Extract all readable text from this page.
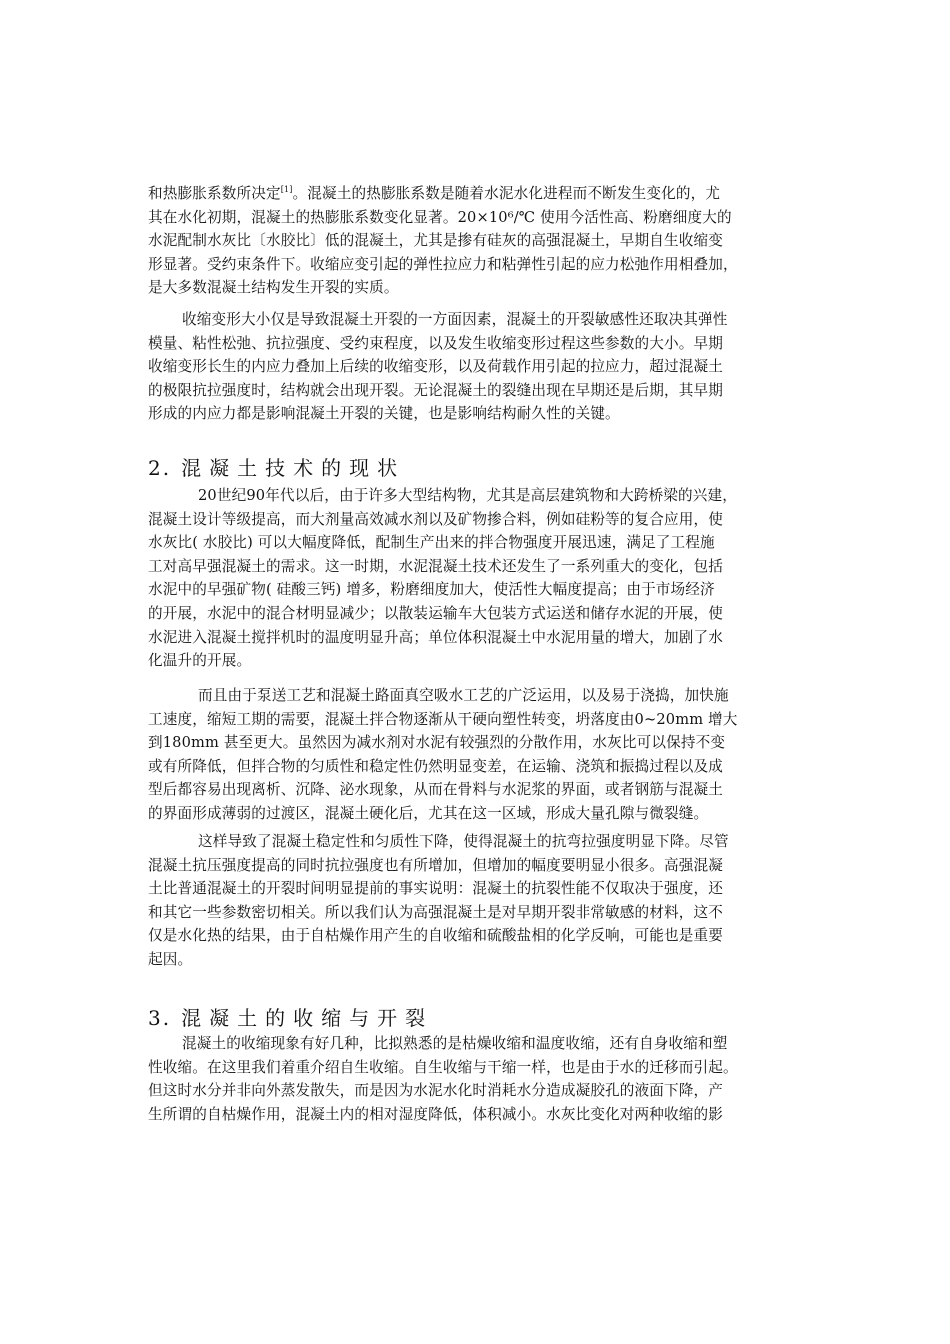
和热膨胀系数所决定[1]。混凝土的热膨胀系数是随着水泥水化进程而不断发生变化的，尤
其在水化初期，混凝土的热膨胀系数变化显著。20×10⁶/℃ 使用今活性高、粉磨细度大的
水泥配制水灰比〔水胶比〕低的混凝土，尤其是掺有硅灰的高强混凝土，早期自生收缩变
形显著。受约束条件下。收缩应变引起的弹性拉应力和粘弹性引起的应力松弛作用相叠加，
是大多数混凝土结构发生开裂的实质。
收缩变形大小仅是导致混凝土开裂的一方面因素，混凝土的开裂敏感性还取决其弹性
模量、粘性松弛、抗拉强度、受约束程度，以及发生收缩变形过程这些参数的大小。早期
收缩变形长生的内应力叠加上后续的收缩变形，以及荷载作用引起的拉应力，超过混凝土
的极限抗拉强度时，结构就会出现开裂。无论混凝土的裂缝出现在早期还是后期，其早期
形成的内应力都是影响混凝土开裂的关键，也是影响结构耐久性的关键。
2. 混凝土技术的现状
20世纪90年代以后，由于许多大型结构物，尤其是高层建筑物和大跨桥梁的兴建，
混凝土设计等级提高，而大剂量高效减水剂以及矿物掺合料，例如硅粉等的复合应用，使
水灰比( 水胶比) 可以大幅度降低，配制生产出来的拌合物强度开展迅速，满足了工程施
工对高早强混凝土的需求。这一时期，水泥混凝土技术还发生了一系列重大的变化，包括
水泥中的早强矿物( 硅酸三钙) 增多，粉磨细度加大，使活性大幅度提高；由于市场经济
的开展，水泥中的混合材明显减少；以散装运输车大包装方式运送和储存水泥的开展，使
水泥进入混凝土搅拌机时的温度明显升高；单位体积混凝土中水泥用量的增大，加剧了水
化温升的开展。
而且由于泵送工艺和混凝土路面真空吸水工艺的广泛运用，以及易于浇捣，加快施
工速度，缩短工期的需要，混凝土拌合物逐渐从干硬向塑性转变，坍落度由0~20mm 增大
到180mm 甚至更大。虽然因为减水剂对水泥有较强烈的分散作用，水灰比可以保持不变
或有所降低，但拌合物的匀质性和稳定性仍然明显变差，在运输、浇筑和振捣过程以及成
型后都容易出现离析、沉降、泌水现象，从而在骨料与水泥浆的界面，或者钢筋与混凝土
的界面形成薄弱的过渡区，混凝土硬化后，尤其在这一区域，形成大量孔隙与微裂缝。
这样导致了混凝土稳定性和匀质性下降，使得混凝土的抗弯拉强度明显下降。尽管
混凝土抗压强度提高的同时抗拉强度也有所增加，但增加的幅度要明显小很多。高强混凝
土比普通混凝土的开裂时间明显提前的事实说明：混凝土的抗裂性能不仅取决于强度，还
和其它一些参数密切相关。所以我们认为高强混凝土是对早期开裂非常敏感的材料，这不
仅是水化热的结果，由于自枯燥作用产生的自收缩和硫酸盐相的化学反响，可能也是重要
起因。
3. 混凝土的收缩与开裂
混凝土的收缩现象有好几种，比拟熟悉的是枯燥收缩和温度收缩，还有自身收缩和塑
性收缩。在这里我们着重介绍自生收缩。自生收缩与干缩一样，也是由于水的迁移而引起。
但这时水分并非向外蒸发散失，而是因为水泥水化时消耗水分造成凝胶孔的液面下降，产
生所谓的自枯燥作用，混凝土内的相对湿度降低，体积减小。水灰比变化对两种收缩的影
